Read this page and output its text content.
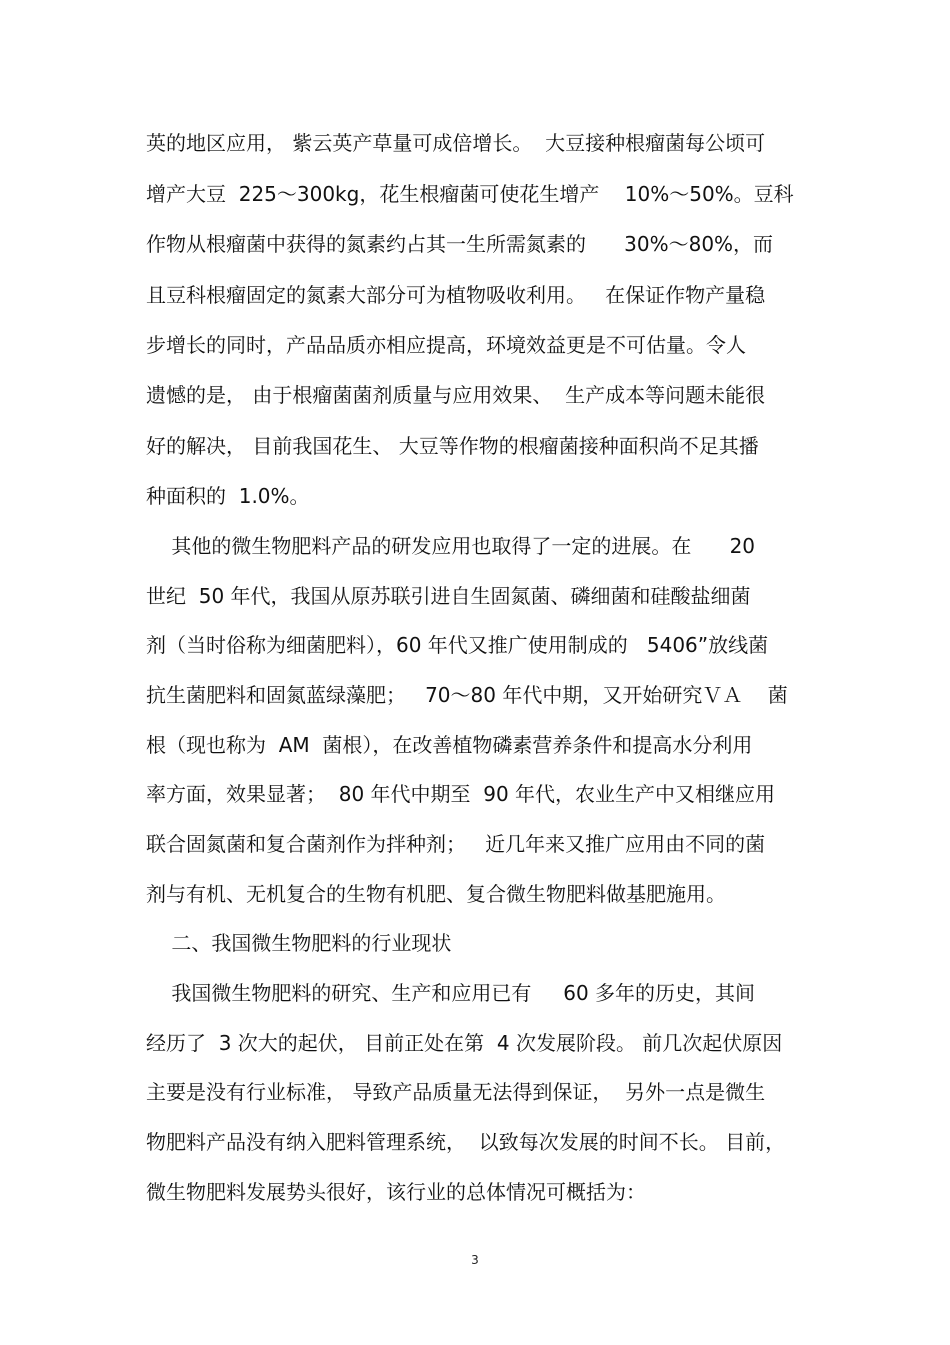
英的地区应用， 紫云英产草量可成倍增长。  大豆接种根瘤菌每公顷可
增产大豆  225～300kg，花生根瘤菌可使花生增产    10%～50%。豆科
作物从根瘤菌中获得的氮素约占其一生所需氮素的      30%～80%，而
且豆科根瘤固定的氮素大部分可为植物吸收利用。   在保证作物产量稳
步增长的同时，产品品质亦相应提高，环境效益更是不可估量。令人
遗憾的是， 由于根瘤菌菌剂质量与应用效果、  生产成本等问题未能很
好的解决， 目前我国花生、 大豆等作物的根瘤菌接种面积尚不足其播
种面积的  1.0%。
其他的微生物肥料产品的研发应用也取得了一定的进展。在      20
世纪  50 年代，我国从原苏联引进自生固氮菌、磷细菌和硅酸盐细菌
剂（当时俗称为细菌肥料），60 年代又推广使用制成的   5406”放线菌
抗生菌肥料和固氮蓝绿藻肥；   70～80 年代中期，又开始研究ＶＡ    菌
根（现也称为  AM  菌根），在改善植物磷素营养条件和提高水分利用
率方面，效果显著；  80 年代中期至  90 年代，农业生产中又相继应用
联合固氮菌和复合菌剂作为拌种剂；   近几年来又推广应用由不同的菌
剂与有机、无机复合的生物有机肥、复合微生物肥料做基肥施用。
二、我国微生物肥料的行业现状
我国微生物肥料的研究、生产和应用已有     60 多年的历史，其间
经历了  3 次大的起伏， 目前正处在第  4 次发展阶段。 前几次起伏原因
主要是没有行业标准， 导致产品质量无法得到保证，  另外一点是微生
物肥料产品没有纳入肥料管理系统，  以致每次发展的时间不长。 目前，
微生物肥料发展势头很好，该行业的总体情况可概括为：
3
